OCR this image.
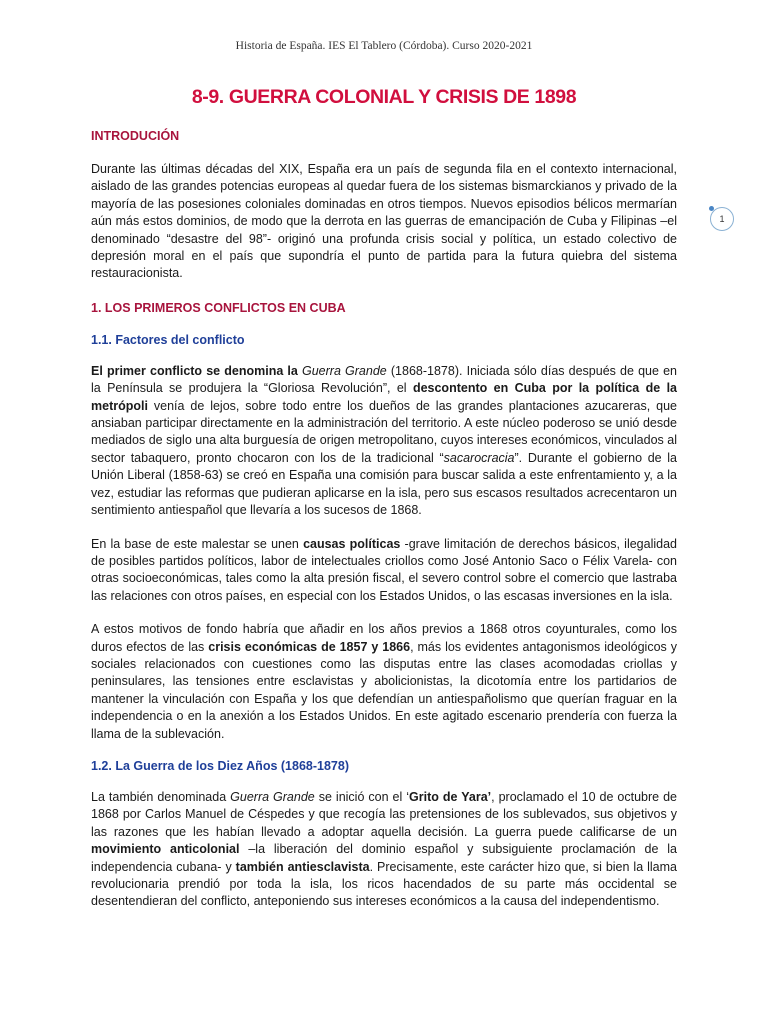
Historia de España. IES El Tablero (Córdoba). Curso 2020-2021
8-9. GUERRA COLONIAL Y CRISIS DE 1898
1

INTRODUCIÓN

Durante las últimas décadas del XIX, España era un país de segunda fila en el contexto internacional, aislado de las grandes potencias europeas al quedar fuera de los sistemas bismarckianos y privado de la mayoría de las posesiones coloniales dominadas en otros tiempos. Nuevos episodios bélicos mermarían aún más estos dominios, de modo que la derrota en las guerras de emancipación de Cuba y Filipinas –el denominado “desastre del 98”- originó una profunda crisis social y política, un estado colectivo de depresión moral en el país que supondría el punto de partida para la futura quiebra del sistema restauracionista.

1. LOS PRIMEROS CONFLICTOS EN CUBA

1.1. Factores del conflicto

El primer conflicto se denomina la Guerra Grande (1868-1878). Iniciada sólo días después de que en la Península se produjera la “Gloriosa Revolución”, el descontento en Cuba por la política de la metrópoli venía de lejos, sobre todo entre los dueños de las grandes plantaciones azucareras, que ansiaban participar directamente en la administración del territorio. A este núcleo poderoso se unió desde mediados de siglo una alta burguesía de origen metropolitano, cuyos intereses económicos, vinculados al sector tabaquero, pronto chocaron con los de la tradicional “sacarocracia”. Durante el gobierno de la Unión Liberal (1858-63) se creó en España una comisión para buscar salida a este enfrentamiento y, a la vez, estudiar las reformas que pudieran aplicarse en la isla, pero sus escasos resultados acrecentaron un sentimiento antiespañol que llevaría a los sucesos de 1868.

En la base de este malestar se unen causas políticas -grave limitación de derechos básicos, ilegalidad de posibles partidos políticos, labor de intelectuales criollos como José Antonio Saco o Félix Varela- con otras socioeconómicas, tales como la alta presión fiscal, el severo control sobre el comercio que lastraba las relaciones con otros países, en especial con los Estados Unidos, o las escasas inversiones en la isla.

A estos motivos de fondo habría que añadir en los años previos a 1868 otros coyunturales, como los duros efectos de las crisis económicas de 1857 y 1866, más los evidentes antagonismos ideológicos y sociales relacionados con cuestiones como las disputas entre las clases acomodadas criollas y peninsulares, las tensiones entre esclavistas y abolicionistas, la dicotomía entre los partidarios de mantener la vinculación con España y los que defendían un antiespañolismo que querían fraguar en la independencia o en la anexión a los Estados Unidos. En este agitado escenario prendería con fuerza la llama de la sublevación.

1.2. La Guerra de los Diez Años (1868-1878)

La también denominada Guerra Grande se inició con el ‘Grito de Yara’, proclamado el 10 de octubre de 1868 por Carlos Manuel de Céspedes y que recogía las pretensiones de los sublevados, sus objetivos y las razones que les habían llevado a adoptar aquella decisión. La guerra puede calificarse de un movimiento anticolonial –la liberación del dominio español y subsiguiente proclamación de la independencia cubana- y también antiesclavista. Precisamente, este carácter hizo que, si bien la llama revolucionaria prendió por toda la isla, los ricos hacendados de su parte más occidental se desentendieran del conflicto, anteponiendo sus intereses económicos a la causa del independentismo.
